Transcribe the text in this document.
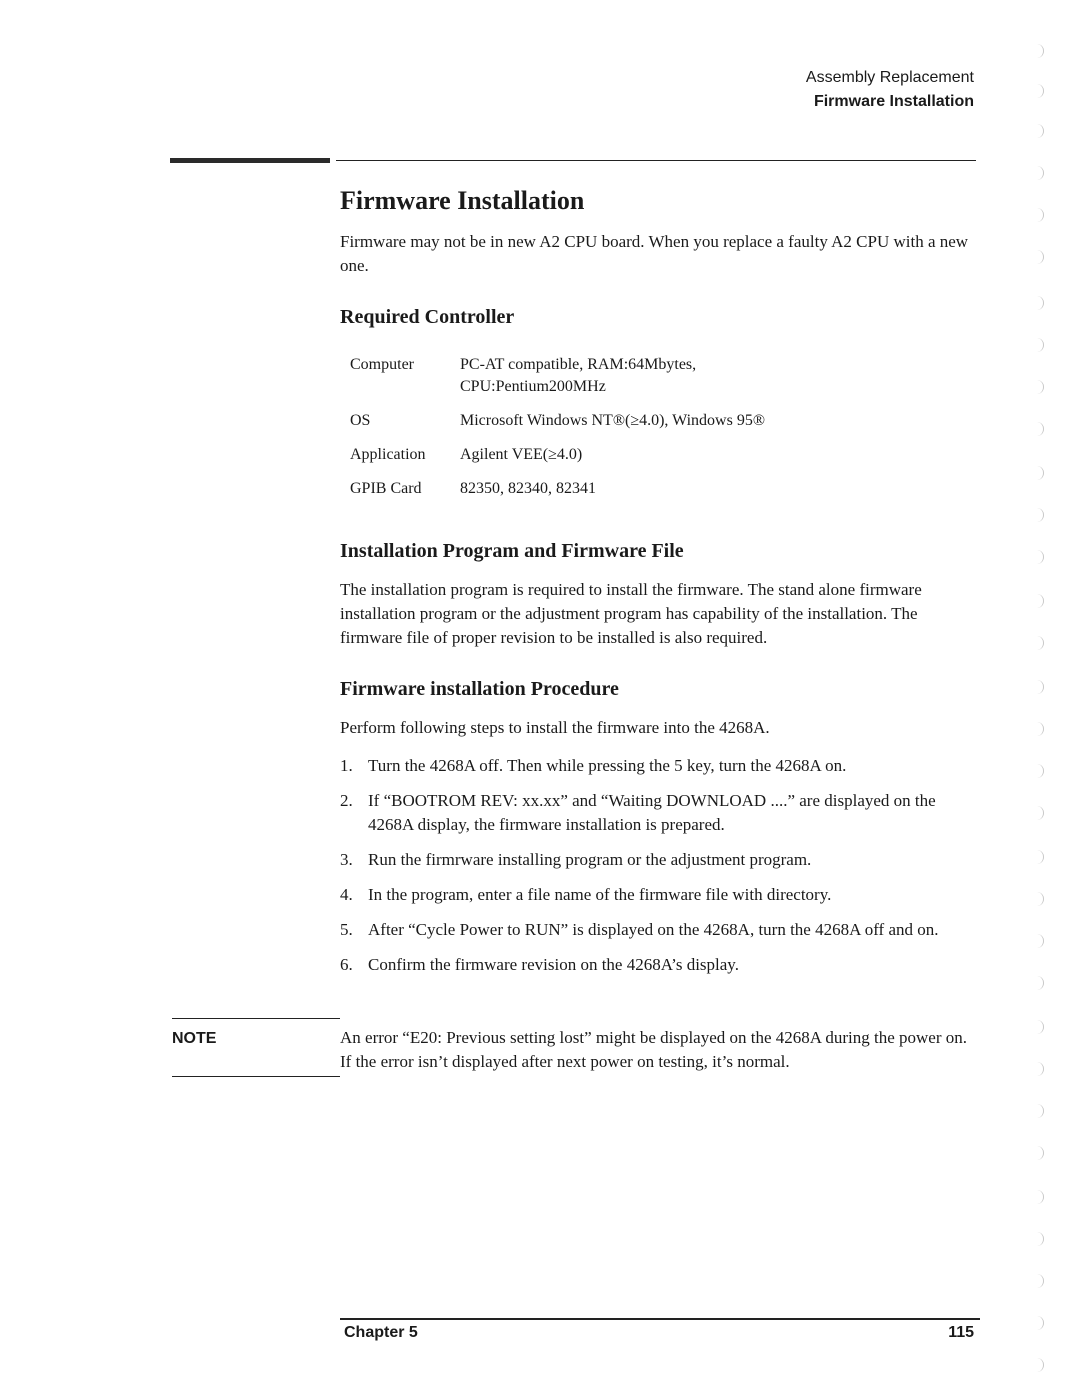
Assembly Replacement
Firmware Installation
Firmware Installation

Firmware may not be in new A2 CPU board. When you replace a faulty A2 CPU with a new one.

Required Controller
Computer	PC-AT compatible, RAM:64Mbytes, CPU:Pentium200MHz
OS	Microsoft Windows NT®(≥4.0), Windows 95®
Application	Agilent VEE(≥4.0)
GPIB Card	82350, 82340, 82341
Installation Program and Firmware File

The installation program is required to install the firmware. The stand alone firmware installation program or the adjustment program has capability of the installation. The firmware file of proper revision to be installed is also required.

Firmware installation Procedure

Perform following steps to install the firmware into the 4268A.

1. Turn the 4268A off. Then while pressing the 5 key, turn the 4268A on.
2. If “BOOTROM REV: xx.xx” and “Waiting DOWNLOAD ....” are displayed on the 4268A display, the firmware installation is prepared.
3. Run the firmrware installing program or the adjustment program.
4. In the program, enter a file name of the firmware file with directory.
5. After “Cycle Power to RUN” is displayed on the 4268A, turn the 4268A off and on.
6. Confirm the firmware revision on the 4268A’s display.
NOTE	An error “E20: Previous setting lost” might be displayed on the 4268A during the power on. If the error isn’t displayed after next power on testing, it’s normal.

Chapter 5	115
